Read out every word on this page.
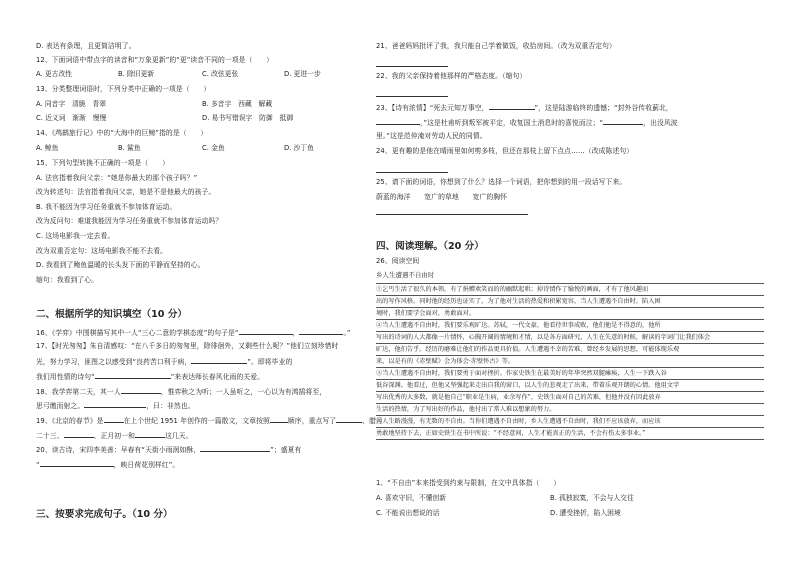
D. 表达有条理，且更简洁明了。
12、下面词语中带点字的读音和“万象更新”的“更”读音不同的一项是（　　）
A. 更古改性	B. 除旧更新	C. 改弦更张	D. 更进一步
13、分类整理词语时，下列分类中正确的一项是（　　）
A. 同音字　清脆　青翠	B. 多音字　西藏　解藏
C. 近义词　渐渐　慢慢	D. 易书写错误字　防御　抵御
14、《鸬鹚旅行记》中的“大海中的巨鲸”指的是（　　）
A. 鲸鱼	B. 鲨鱼	C. 金鱼	D. 沙丁鱼
15、下列句型转换不正确的一项是（　　）
A. 法官指着我问父亲：“她是你最大的那个孩子吗？”
改为转述句：法官指着我问父亲，她是不是他最大的孩子。
B. 我不能因为学习任务重就不参加体育运动。
改为反问句：难道我能因为学习任务重就不参加体育运动吗？
C. 这场电影我一定去看。
改为双重否定句：这场电影我不能不去看。
D. 我看到了鲍鱼温暖的长头发下面的平静而坚持的心。
缩句：我看到了心。
二、根据所学的知识填空（10 分）
16、《学弈》中围棋描写其中一人“三心二意的学棋态度”的句子是“	，	。”
17、【时光匆匆】朱自清感叹：“在八千多日的匆匆里，除徘徊外，又剩些什么呢？”他们立刻珍惜时
光，努力学习，匪图之以感受到“良药苦口利于病，	”。即将毕业的
我们用性情的诗句“	”来表达师长春风化雨的关爱。
18、我学弈第二天，其一人	，惟弈秋之为听；一人虽听之，一心以为有鸿鹄将至，
思弓缴而射之。	，曰：非然也。
19、《北京的春节》是	在上个世纪 1951 年创作的一篇散文，文章按照	顺序，重点写了	、腊月
二十三、	、正月初一和	这几天。
20、读古诗，宋四李美善：早春有“天街小雨润如酥，	”；盛夏有
“	，映日荷花别样红”。
三、按要求完成句子。（10 分）
21、爸爸妈妈批评了我，我只能自己学着做饭，收拾房间。（改为双重否定句）
22、我的父亲保持着他那样的严格态度。（缩句）
23、【诗有浓情】“死去元知万事空，	”，这是陆游临终的遗憾；“封外谷传收蓟北，
，”这是杜甫听到叛军被平定，收复国土消息时的喜悦而泣；“	，出没风波
里。”这是范仲淹对劳动人民的同情。
24、更有趣的是他在晴雨里如何剪多枝，但还在那枝上留下点点……（改成陈述句）
25、请下面的词语，你想到了什么？选择一个词语，把你想到的用一段话写下来。
蔚蓝的海洋　　宽广的草地　　宽广的胸怀
四、阅读理解。（20 分）
26、阅读空间
乡人生遭遇不自由时
①乞丐生活了很久的本领，有了捐赠欢笑而的的幽默起哄；掉诗情作了愉悦的画面，才有了他风趣而
出的写作风格。同时他的经历也证实了，为了他对生活的热爱和积累宽容，当人生遭遇不自由时，陷入困
境时，我们要学会面对，勇敢面对。
②当人生遭遇不自由时，我们要乐观旷达。苏轼，一代文豪，他看待世事成败，他们他是不得意的，他所
写出的诗词的人大都像一片情怀，心胸开阔的情境和才情，以是各方面研究，人生在失意的时候，解读的字词门让我们体会
旷达，他们告乎。经历的磨难让他们的作品更具价值。人生遭遇不幸的苦难，曾经乡发展的思想，可能体现乐观
来，以是有的《赤壁赋》会为体会·赤壁怀古》等。
③当人生遭遇不自由时，我们要勇于面对挫折。作家史铁生在最美好的年华突然双腿瘫痪，人生一下跌入谷
低谷深渊。他看过，但他又坚强起来走出自我的窗口，以人生的悲观走了出来，带着乐观开朗的心情。他用文字
写出优秀的大多数，就是他自己“职业是生病，业余写作”，史铁生面对自己的苦难，但他并没有因此放弃
生活的热情，为了写出好的作品，他付出了常人难以想象的努力。
④人生路漫漫，有无数的不自由。当你们遭遇不自由时，乡人生遭遇不自由时，我们不应该放弃，而应该
勇敢地坚持下去，正如史铁生在书中所说：“不经意间，人生才能真正的生活，不会有伤太多事业。”
1、“不自由”本来指受到约束与限制，在文中具体指（　　）
A. 喜欢守旧，不懂创新	B. 孤独寂寞，不会与人交往
C. 不能说出想说的话	D. 遭受挫折，陷入困境
